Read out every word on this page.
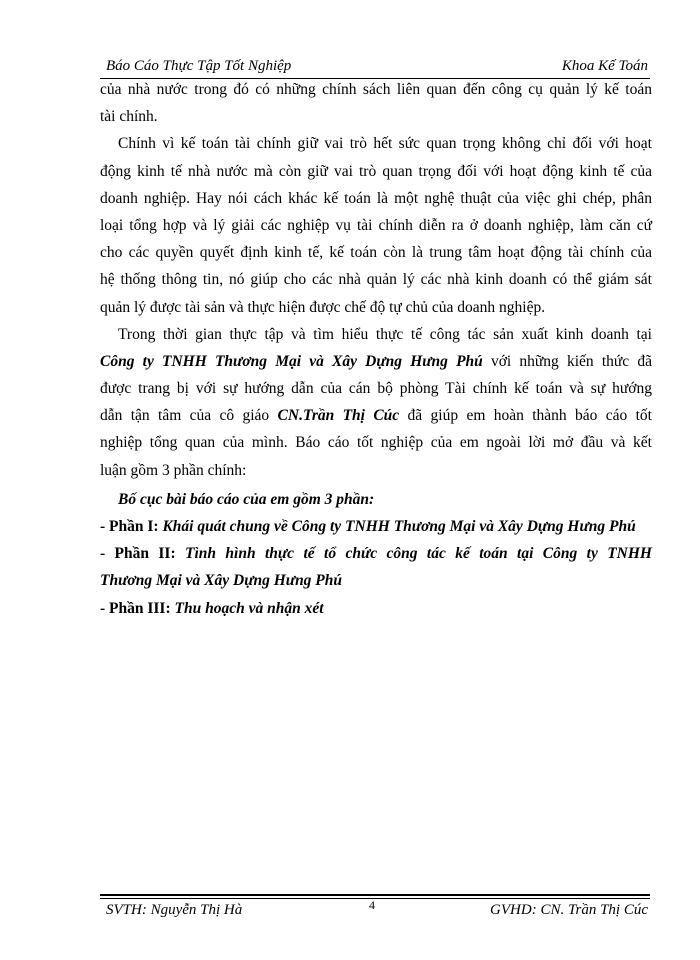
Báo Cáo Thực Tập Tốt Nghiệp	Khoa Kế Toán
của nhà nước trong đó có những chính sách liên quan đến công cụ quản lý kế toán
tài chính.
Chính vì kế toán tài chính giữ vai trò hết sức quan trọng không chỉ đối với hoạt
động kinh tế nhà nước mà còn giữ vai trò quan trọng đối với hoạt động kinh tế của
doanh nghiệp. Hay nói cách khác kế toán là một nghệ thuật của việc ghi chép, phân
loại tổng hợp và lý giải các nghiệp vụ tài chính diễn ra ở doanh nghiệp, làm căn cứ
cho các quyền quyết định kinh tế, kế toán còn là trung tâm hoạt động tài chính của
hệ thống thông tin, nó giúp cho các nhà quản lý các nhà kinh doanh có thể giám sát
quản lý được tài sản và thực hiện được chế độ tự chủ của doanh nghiệp.
Trong thời gian thực tập và tìm hiểu thực tế công tác sản xuất kinh doanh tại
Công ty TNHH Thương Mại và Xây Dựng Hưng Phú với những kiến thức đã
được trang bị với sự hướng dẫn của cán bộ phòng Tài chính kế toán và sự hướng
dẫn tận tâm của cô giáo CN.Trần Thị Cúc đã giúp em hoàn thành báo cáo tốt
nghiệp tổng quan của mình. Báo cáo tốt nghiệp của em ngoài lời mở đầu và kết
luận gồm 3 phần chính:
Bố cục bài báo cáo của em gồm 3 phần:
- Phần I: Khái quát chung về Công ty TNHH Thương Mại và Xây Dựng Hưng Phú
- Phần II: Tình hình thực tế tổ chức công tác kế toán tại Công ty TNHH
Thương Mại và Xây Dựng Hưng Phú
- Phần III: Thu hoạch và nhận xét
SVTH: Nguyễn Thị Hà	4	GVHD: CN. Trần Thị Cúc
